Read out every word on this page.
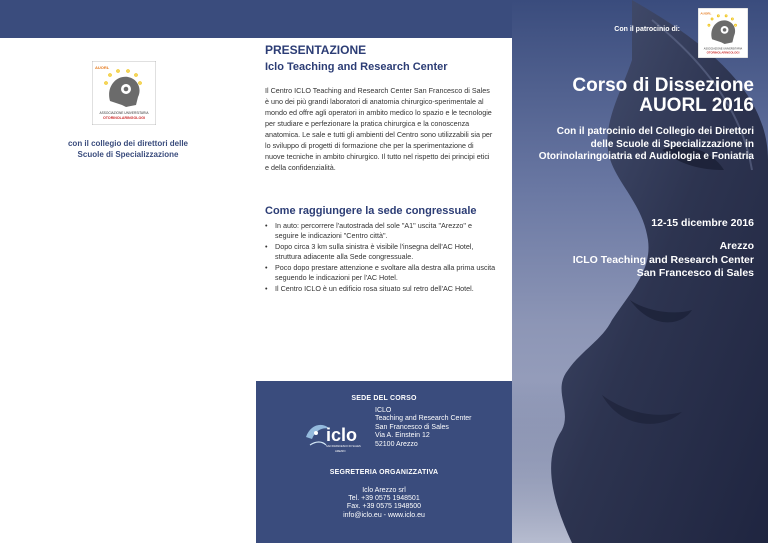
AUORL
ASSOCIAZIONE UNIVERSITARIA
OTORINOLARINGOLOGI
con il collegio dei direttori delle
Scuole di Specializzazione
PRESENTAZIONE
Iclo Teaching and Research Center
Il Centro ICLO Teaching and Research Center San Francesco di Sales è uno dei più grandi laboratori di anatomia chirurgico-sperimentale al mondo ed offre agli operatori in ambito medico lo spazio e le tecnologie per studiare e perfezionare la pratica chirurgica e la conoscenza anatomica. Le sale e tutti gli ambienti del Centro sono utilizzabili sia per lo sviluppo di progetti di formazione che per la sperimentazione di nuove tecniche in ambito chirurgico. Il tutto nel rispetto dei principi etici e della confidenzialità.
Come raggiungere la sede congressuale
• In auto: percorrere l'autostrada del sole "A1" uscita "Arezzo" e seguire le indicazioni "Centro città".
• Dopo circa 3 km sulla sinistra è visibile l'insegna dell'AC Hotel, struttura adiacente alla Sede congressuale.
• Poco dopo prestare attenzione e svoltare alla destra alla prima uscita seguendo le indicazioni per l'AC Hotel.
• Il Centro ICLO è un edificio rosa situato sul retro dell'AC Hotel.
SEDE DEL CORSO
iclo
SAN FRANCESCO DI SALES
AREZZO
ICLO
Teaching and Research Center
San Francesco di Sales
Via A. Einstein 12
52100 Arezzo
SEGRETERIA ORGANIZZATIVA
Iclo Arezzo srl
Tel. +39 0575 1948501
Fax. +39 0575 1948500
info@iclo.eu - www.iclo.eu
Con il patrocinio di:
AUORL
ASSOCIAZIONE UNIVERSITARIA
OTORINOLARINGOLOGI
Corso di Dissezione
AUORL 2016
Con il patrocinio del Collegio dei Direttori
delle Scuole di Specializzazione in
Otorinolaringoiatria ed Audiologia e Foniatria
12-15 dicembre 2016
Arezzo
ICLO Teaching and Research Center
San Francesco di Sales
